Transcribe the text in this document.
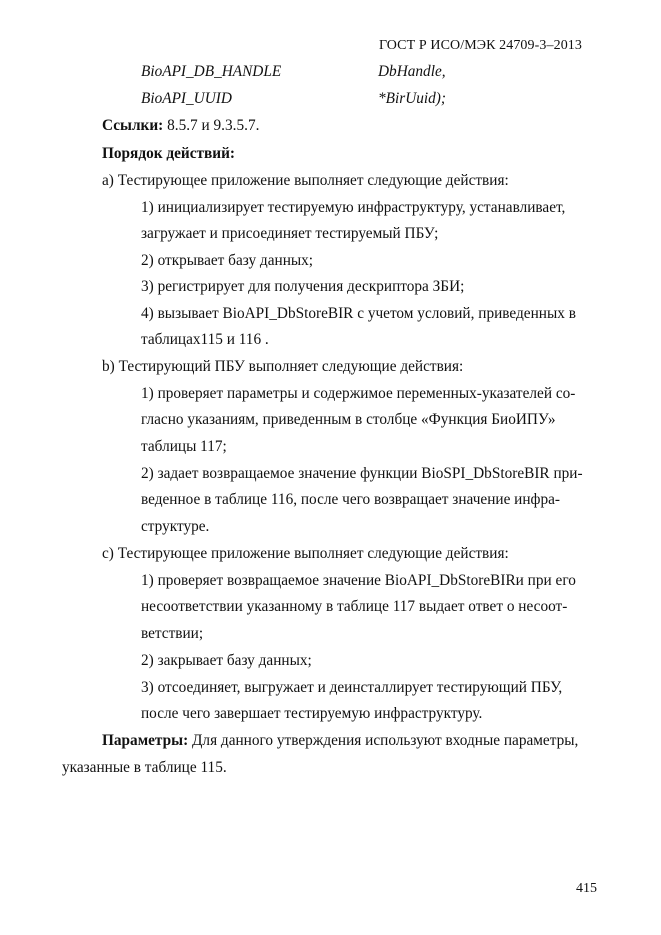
ГОСТ Р ИСО/МЭК 24709-3–2013
BioAPI_DB_HANDLE	DbHandle,
BioAPI_UUID	*BirUuid);
Ссылки: 8.5.7 и 9.3.5.7.
Порядок действий:
а) Тестирующее приложение выполняет следующие действия:
1) инициализирует тестируемую инфраструктуру, устанавливает,
загружает и присоединяет тестируемый ПБУ;
2) открывает базу данных;
3) регистрирует для получения дескриптора ЗБИ;
4) вызывает BioAPI_DbStoreBIR с учетом условий, приведенных в
таблицах115 и 116 .
b) Тестирующий ПБУ выполняет следующие действия:
1) проверяет параметры и содержимое переменных-указателей со-
гласно указаниям, приведенным в столбце «Функция БиоИПУ»
таблицы 117;
2) задает возвращаемое значение функции BioSPI_DbStoreBIR при-
веденное в таблице 116, после чего возвращает значение инфра-
структуре.
с) Тестирующее приложение выполняет следующие действия:
1) проверяет возвращаемое значение BioAPI_DbStoreBIRи при его
несоответствии указанному в таблице 117 выдает ответ о несоот-
ветствии;
2) закрывает базу данных;
3) отсоединяет, выгружает и деинсталлирует тестирующий ПБУ,
после чего завершает тестируемую инфраструктуру.
Параметры: Для данного утверждения используют входные параметры,
указанные в таблице 115.
415
